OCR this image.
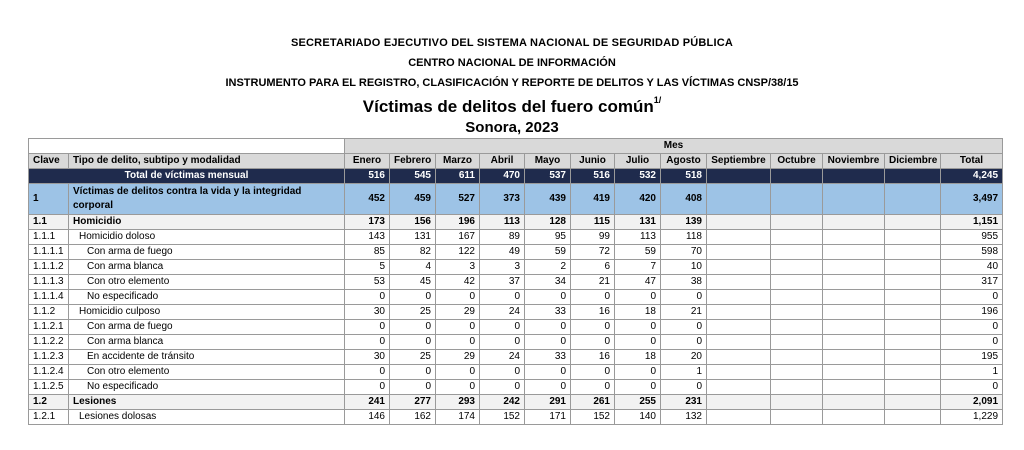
SECRETARIADO EJECUTIVO DEL SISTEMA NACIONAL DE SEGURIDAD PÚBLICA
CENTRO NACIONAL DE INFORMACIÓN
INSTRUMENTO PARA EL REGISTRO, CLASIFICACIÓN Y REPORTE DE DELITOS Y LAS VÍCTIMAS CNSP/38/15
Víctimas de delitos del fuero común$^{1/}$
Sonora, 2023
		Mes												
Clave	Tipo de delito, subtipo y modalidad	Enero	Febrero	Marzo	Abril	Mayo	Junio	Julio	Agosto	Septiembre	Octubre	Noviembre	Diciembre	Total
Total de víctimas mensual		516	545	611	470	537	516	532	518					4,245
1	Víctimas de delitos contra la vida y la integridad corporal	452	459	527	373	439	419	420	408					3,497
1.1	Homicidio	173	156	196	113	128	115	131	139					1,151
1.1.1	Homicidio doloso	143	131	167	89	95	99	113	118					955
1.1.1.1	Con arma de fuego	85	82	122	49	59	72	59	70					598
1.1.1.2	Con arma blanca	5	4	3	3	2	6	7	10					40
1.1.1.3	Con otro elemento	53	45	42	37	34	21	47	38					317
1.1.1.4	No especificado	0	0	0	0	0	0	0	0					0
1.1.2	Homicidio culposo	30	25	29	24	33	16	18	21					196
1.1.2.1	Con arma de fuego	0	0	0	0	0	0	0	0					0
1.1.2.2	Con arma blanca	0	0	0	0	0	0	0	0					0
1.1.2.3	En accidente de tránsito	30	25	29	24	33	16	18	20					195
1.1.2.4	Con otro elemento	0	0	0	0	0	0	0	1					1
1.1.2.5	No especificado	0	0	0	0	0	0	0	0					0
1.2	Lesiones	241	277	293	242	291	261	255	231					2,091
1.2.1	Lesiones dolosas	146	162	174	152	171	152	140	132					1,229
